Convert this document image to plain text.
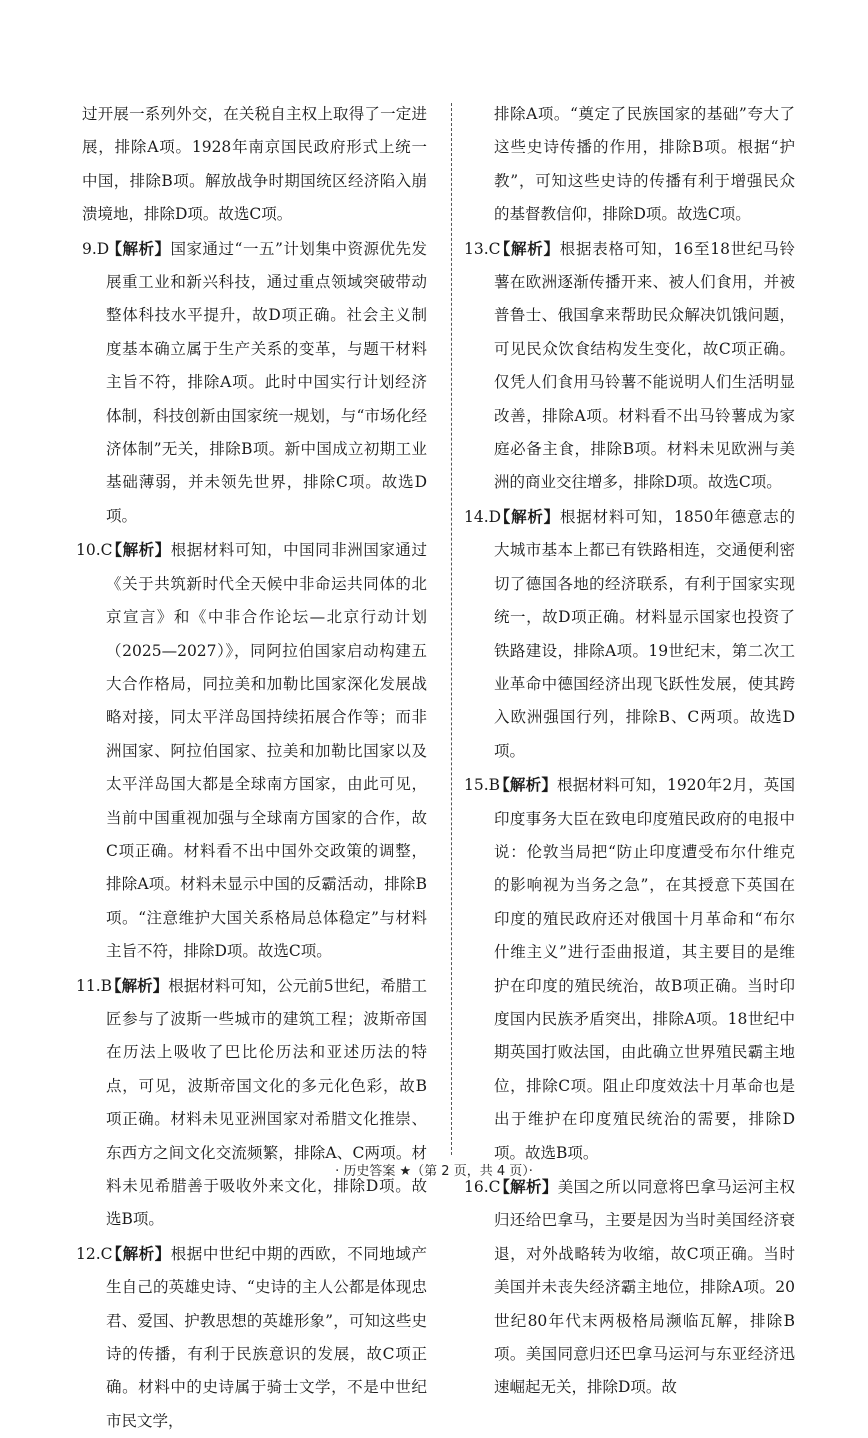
过开展一系列外交，在关税自主权上取得了一定进展，排除A项。1928年南京国民政府形式上统一中国，排除B项。解放战争时期国统区经济陷入崩溃境地，排除D项。故选C项。

9.D【解析】国家通过“一五”计划集中资源优先发展重工业和新兴科技，通过重点领域突破带动整体科技水平提升，故D项正确。社会主义制度基本确立属于生产关系的变革，与题干材料主旨不符，排除A项。此时中国实行计划经济体制，科技创新由国家统一规划，与“市场化经济体制”无关，排除B项。新中国成立初期工业基础薄弱，并未领先世界，排除C项。故选D项。

10.C【解析】根据材料可知，中国同非洲国家通过《关于共筑新时代全天候中非命运共同体的北京宣言》和《中非合作论坛—北京行动计划（2025—2027）》，同阿拉伯国家启动构建五大合作格局，同拉美和加勒比国家深化发展战略对接，同太平洋岛国持续拓展合作等；而非洲国家、阿拉伯国家、拉美和加勒比国家以及太平洋岛国大都是全球南方国家，由此可见，当前中国重视加强与全球南方国家的合作，故C项正确。材料看不出中国外交政策的调整，排除A项。材料未显示中国的反霸活动，排除B项。“注意维护大国关系格局总体稳定”与材料主旨不符，排除D项。故选C项。

11.B【解析】根据材料可知，公元前5世纪，希腊工匠参与了波斯一些城市的建筑工程；波斯帝国在历法上吸收了巴比伦历法和亚述历法的特点，可见，波斯帝国文化的多元化色彩，故B项正确。材料未见亚洲国家对希腊文化推崇、东西方之间文化交流频繁，排除A、C两项。材料未见希腊善于吸收外来文化，排除D项。故选B项。

12.C【解析】根据中世纪中期的西欧，不同地域产生自己的英雄史诗、“史诗的主人公都是体现忠君、爱国、护教思想的英雄形象”，可知这些史诗的传播，有利于民族意识的发展，故C项正确。材料中的史诗属于骑士文学，不是中世纪市民文学，

排除A项。“奠定了民族国家的基础”夸大了这些史诗传播的作用，排除B项。根据“护教”，可知这些史诗的传播有利于增强民众的基督教信仰，排除D项。故选C项。

13.C【解析】根据表格可知，16至18世纪马铃薯在欧洲逐渐传播开来、被人们食用，并被普鲁士、俄国拿来帮助民众解决饥饿问题，可见民众饮食结构发生变化，故C项正确。仅凭人们食用马铃薯不能说明人们生活明显改善，排除A项。材料看不出马铃薯成为家庭必备主食，排除B项。材料未见欧洲与美洲的商业交往增多，排除D项。故选C项。

14.D【解析】根据材料可知，1850年德意志的大城市基本上都已有铁路相连，交通便利密切了德国各地的经济联系，有利于国家实现统一，故D项正确。材料显示国家也投资了铁路建设，排除A项。19世纪末，第二次工业革命中德国经济出现飞跃性发展，使其跨入欧洲强国行列，排除B、C两项。故选D项。

15.B【解析】根据材料可知，1920年2月，英国印度事务大臣在致电印度殖民政府的电报中说：伦敦当局把“防止印度遭受布尔什维克的影响视为当务之急”，在其授意下英国在印度的殖民政府还对俄国十月革命和“布尔什维主义”进行歪曲报道，其主要目的是维护在印度的殖民统治，故B项正确。当时印度国内民族矛盾突出，排除A项。18世纪中期英国打败法国，由此确立世界殖民霸主地位，排除C项。阻止印度效法十月革命也是出于维护在印度殖民统治的需要，排除D项。故选B项。

16.C【解析】美国之所以同意将巴拿马运河主权归还给巴拿马，主要是因为当时美国经济衰退，对外战略转为收缩，故C项正确。当时美国并未丧失经济霸主地位，排除A项。20世纪80年代末两极格局濒临瓦解，排除B项。美国同意归还巴拿马运河与东亚经济迅速崛起无关，排除D项。故

· 历史答案 ★（第 2 页，共 4 页）·
